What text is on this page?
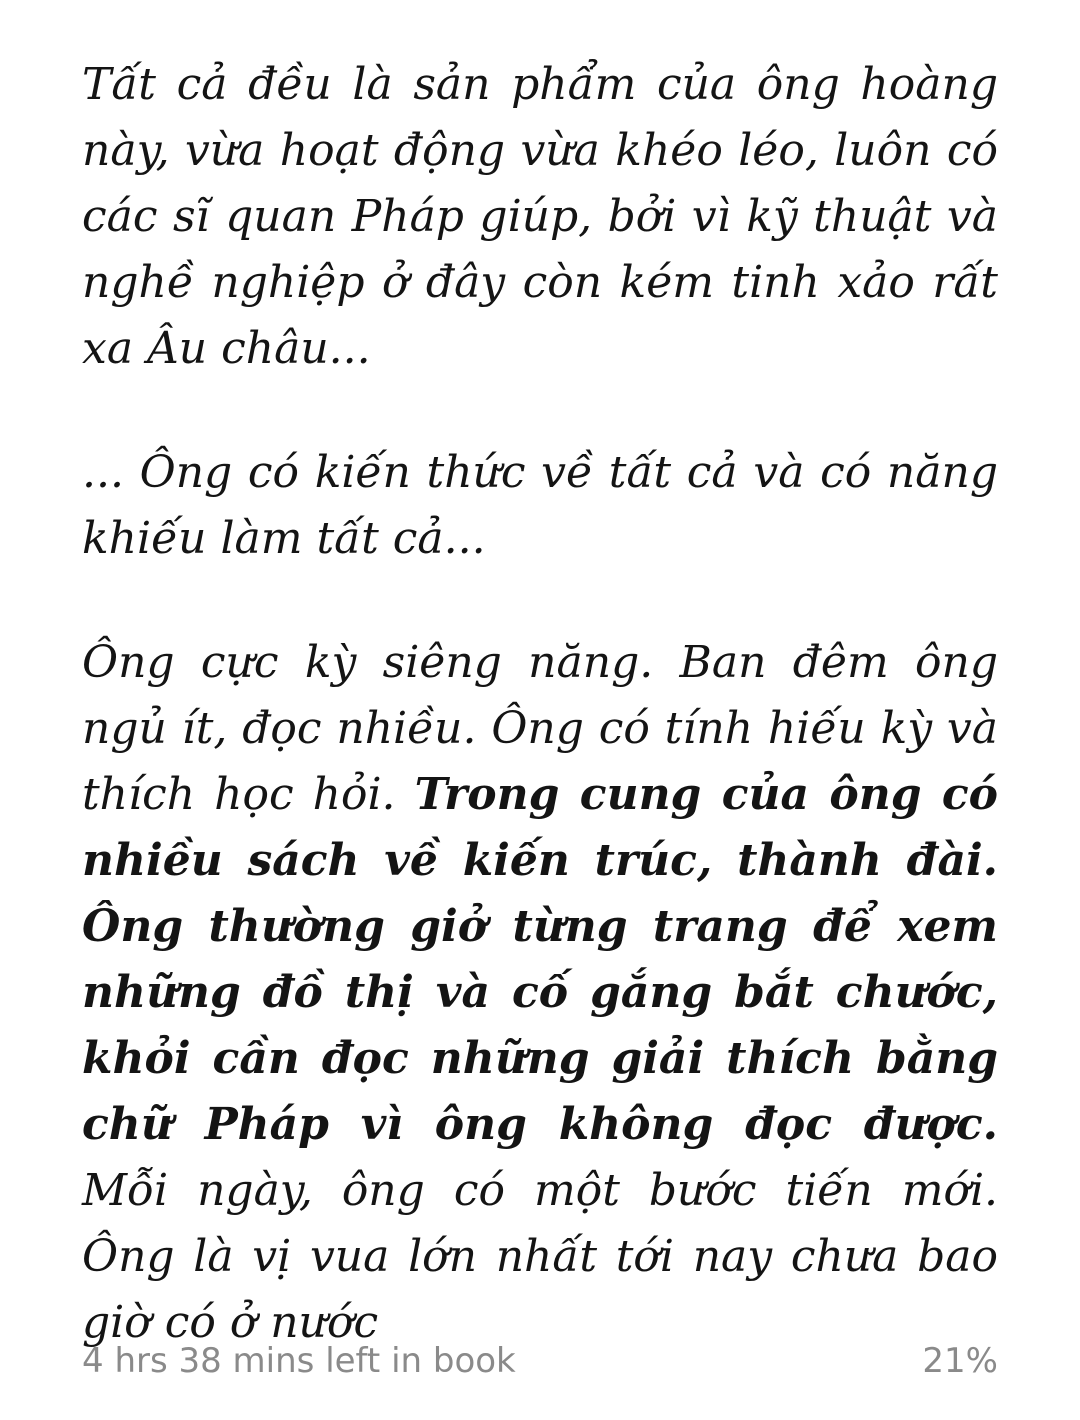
Tất cả đều là sản phẩm của ông hoàng này, vừa hoạt động vừa khéo léo, luôn có các sĩ quan Pháp giúp, bởi vì kỹ thuật và nghề nghiệp ở đây còn kém tinh xảo rất xa Âu châu...

... Ông có kiến thức về tất cả và có năng khiếu làm tất cả...

Ông cực kỳ siêng năng. Ban đêm ông ngủ ít, đọc nhiều. Ông có tính hiếu kỳ và thích học hỏi. Trong cung của ông có nhiều sách về kiến trúc, thành đài. Ông thường giở từng trang để xem những đồ thị và cố gắng bắt chước, khỏi cần đọc những giải thích bằng chữ Pháp vì ông không đọc được. Mỗi ngày, ông có một bước tiến mới. Ông là vị vua lớn nhất tới nay chưa bao giờ có ở nước

4 hrs 38 mins left in book	21%
